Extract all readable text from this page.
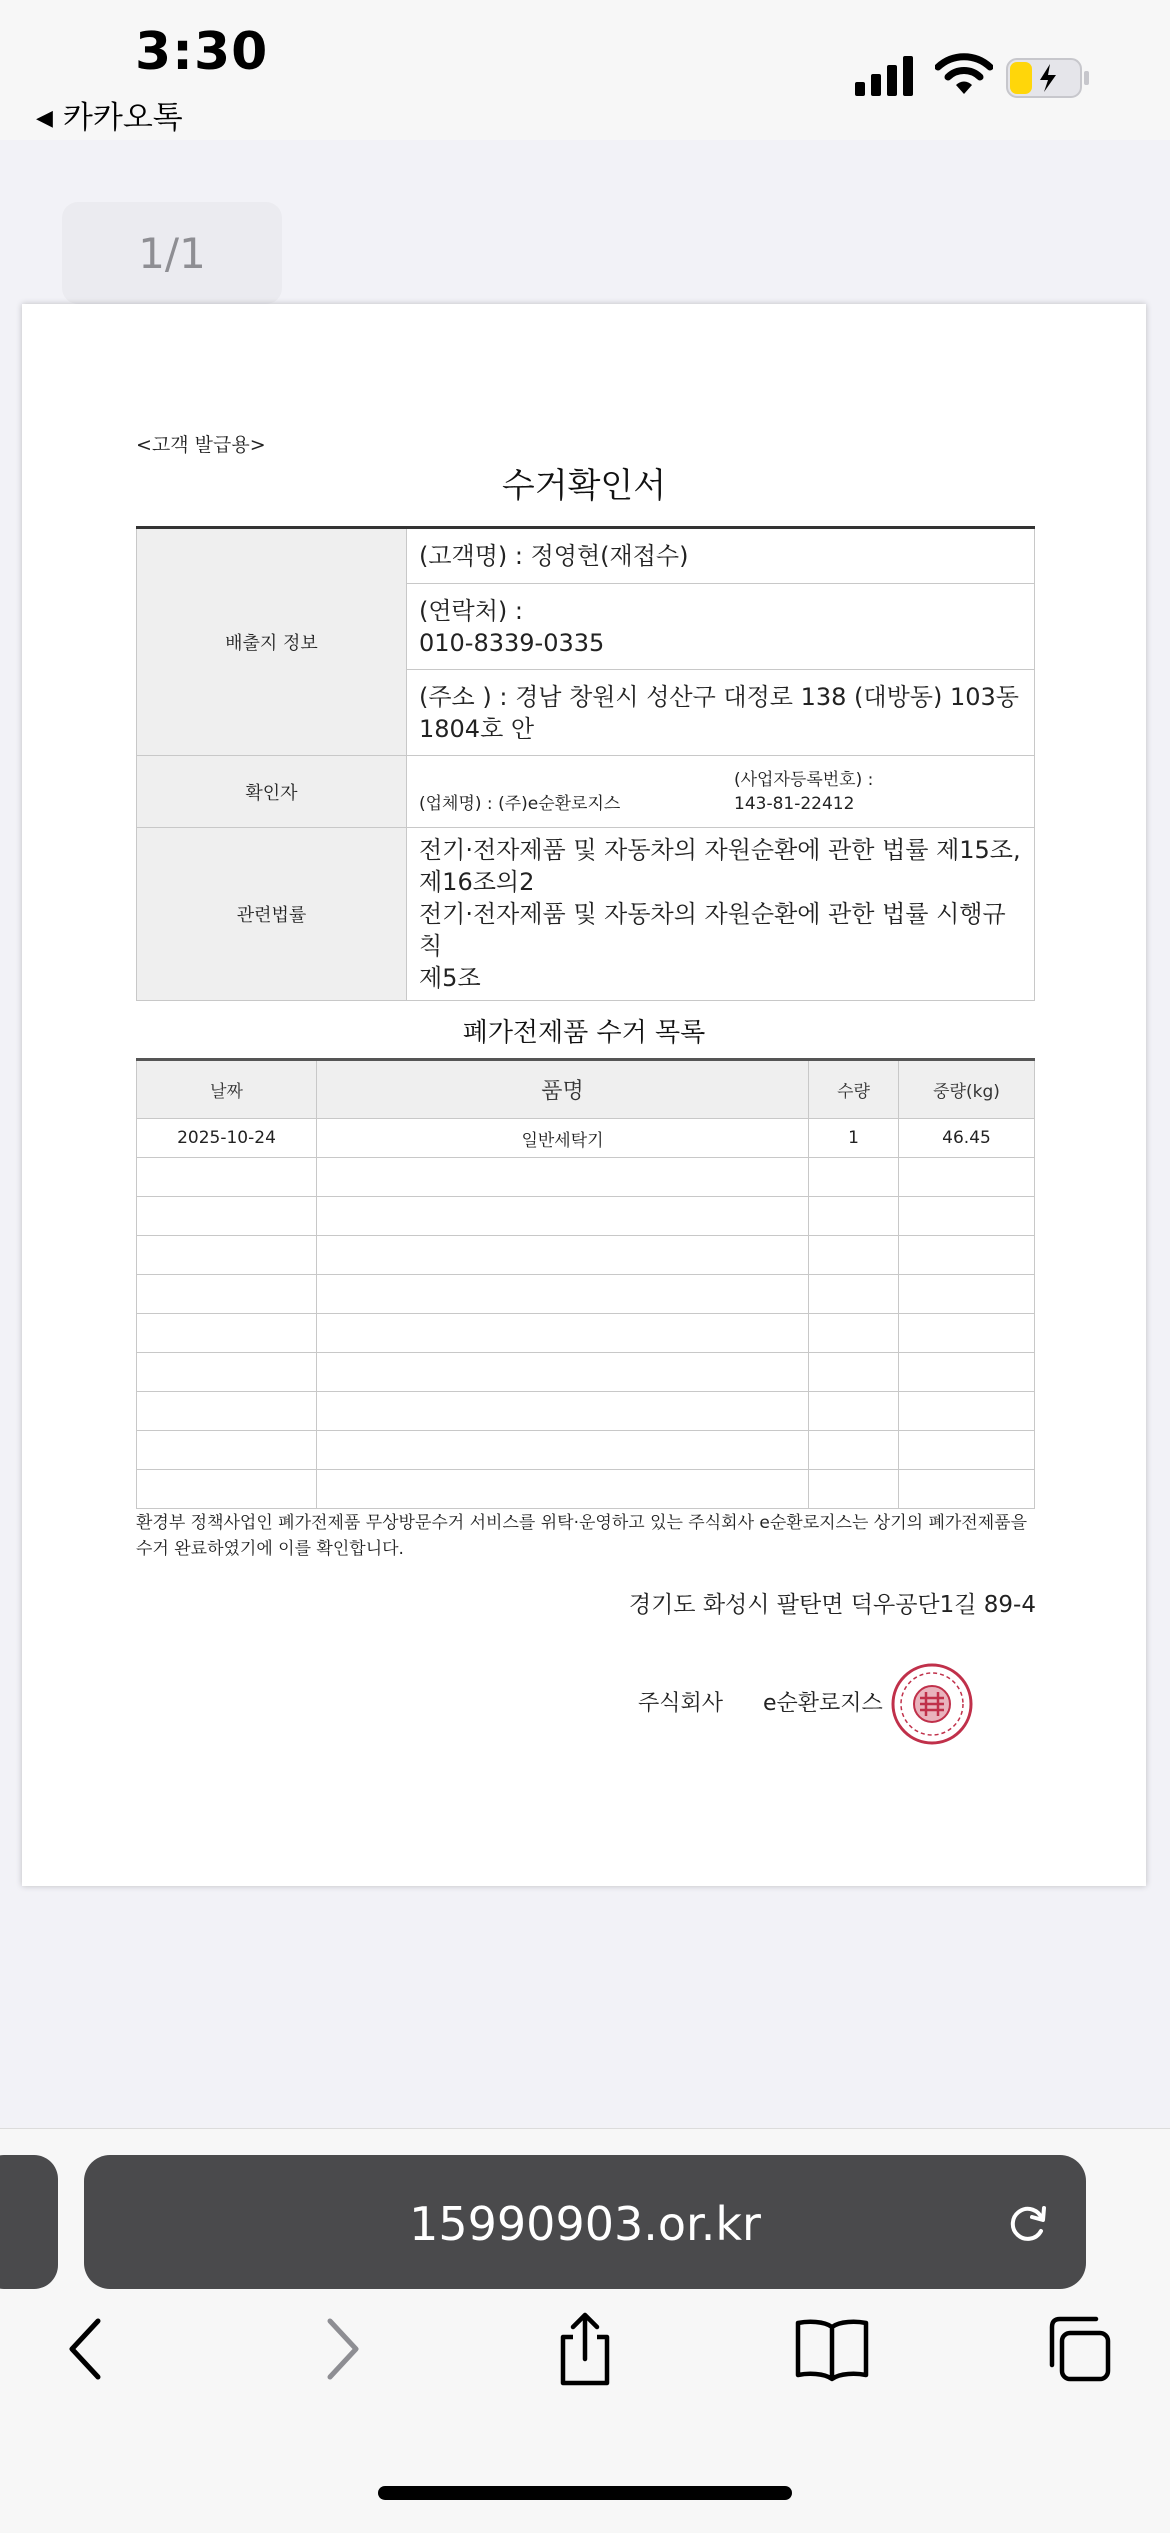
3:30
◀ 카카오톡
1/1
<고객 발급용>
수거확인서
배출지 정보	(고객명) : 정영현(재접수)

	(연락처) :
010-8339-0335

	(주소 ) : 경남 창원시 성산구 대정로 138 (대방동) 103동
1804호 안

확인자	(업체명) : (주)e순환로지스
(사업자등록번호) :
143-81-22412

관련법률	전기·전자제품 및 자동차의 자원순환에 관한 법률 제15조,
제16조의2
전기·전자제품 및 자동차의 자원순환에 관한 법률 시행규칙
제5조
폐가전제품 수거 목록
날짜	품명	수량	중량(kg)
2025-10-24	일반세탁기	1	46.45

환경부 정책사업인 폐가전제품 무상방문수거 서비스를 위탁·운영하고 있는 주식회사 e순환로지스는 상기의 폐가전제품을
수거 완료하였기에 이를 확인합니다.
경기도 화성시 팔탄면 덕우공단1길 89-4
주식회사 e순환로지스
15990903.or.kr
